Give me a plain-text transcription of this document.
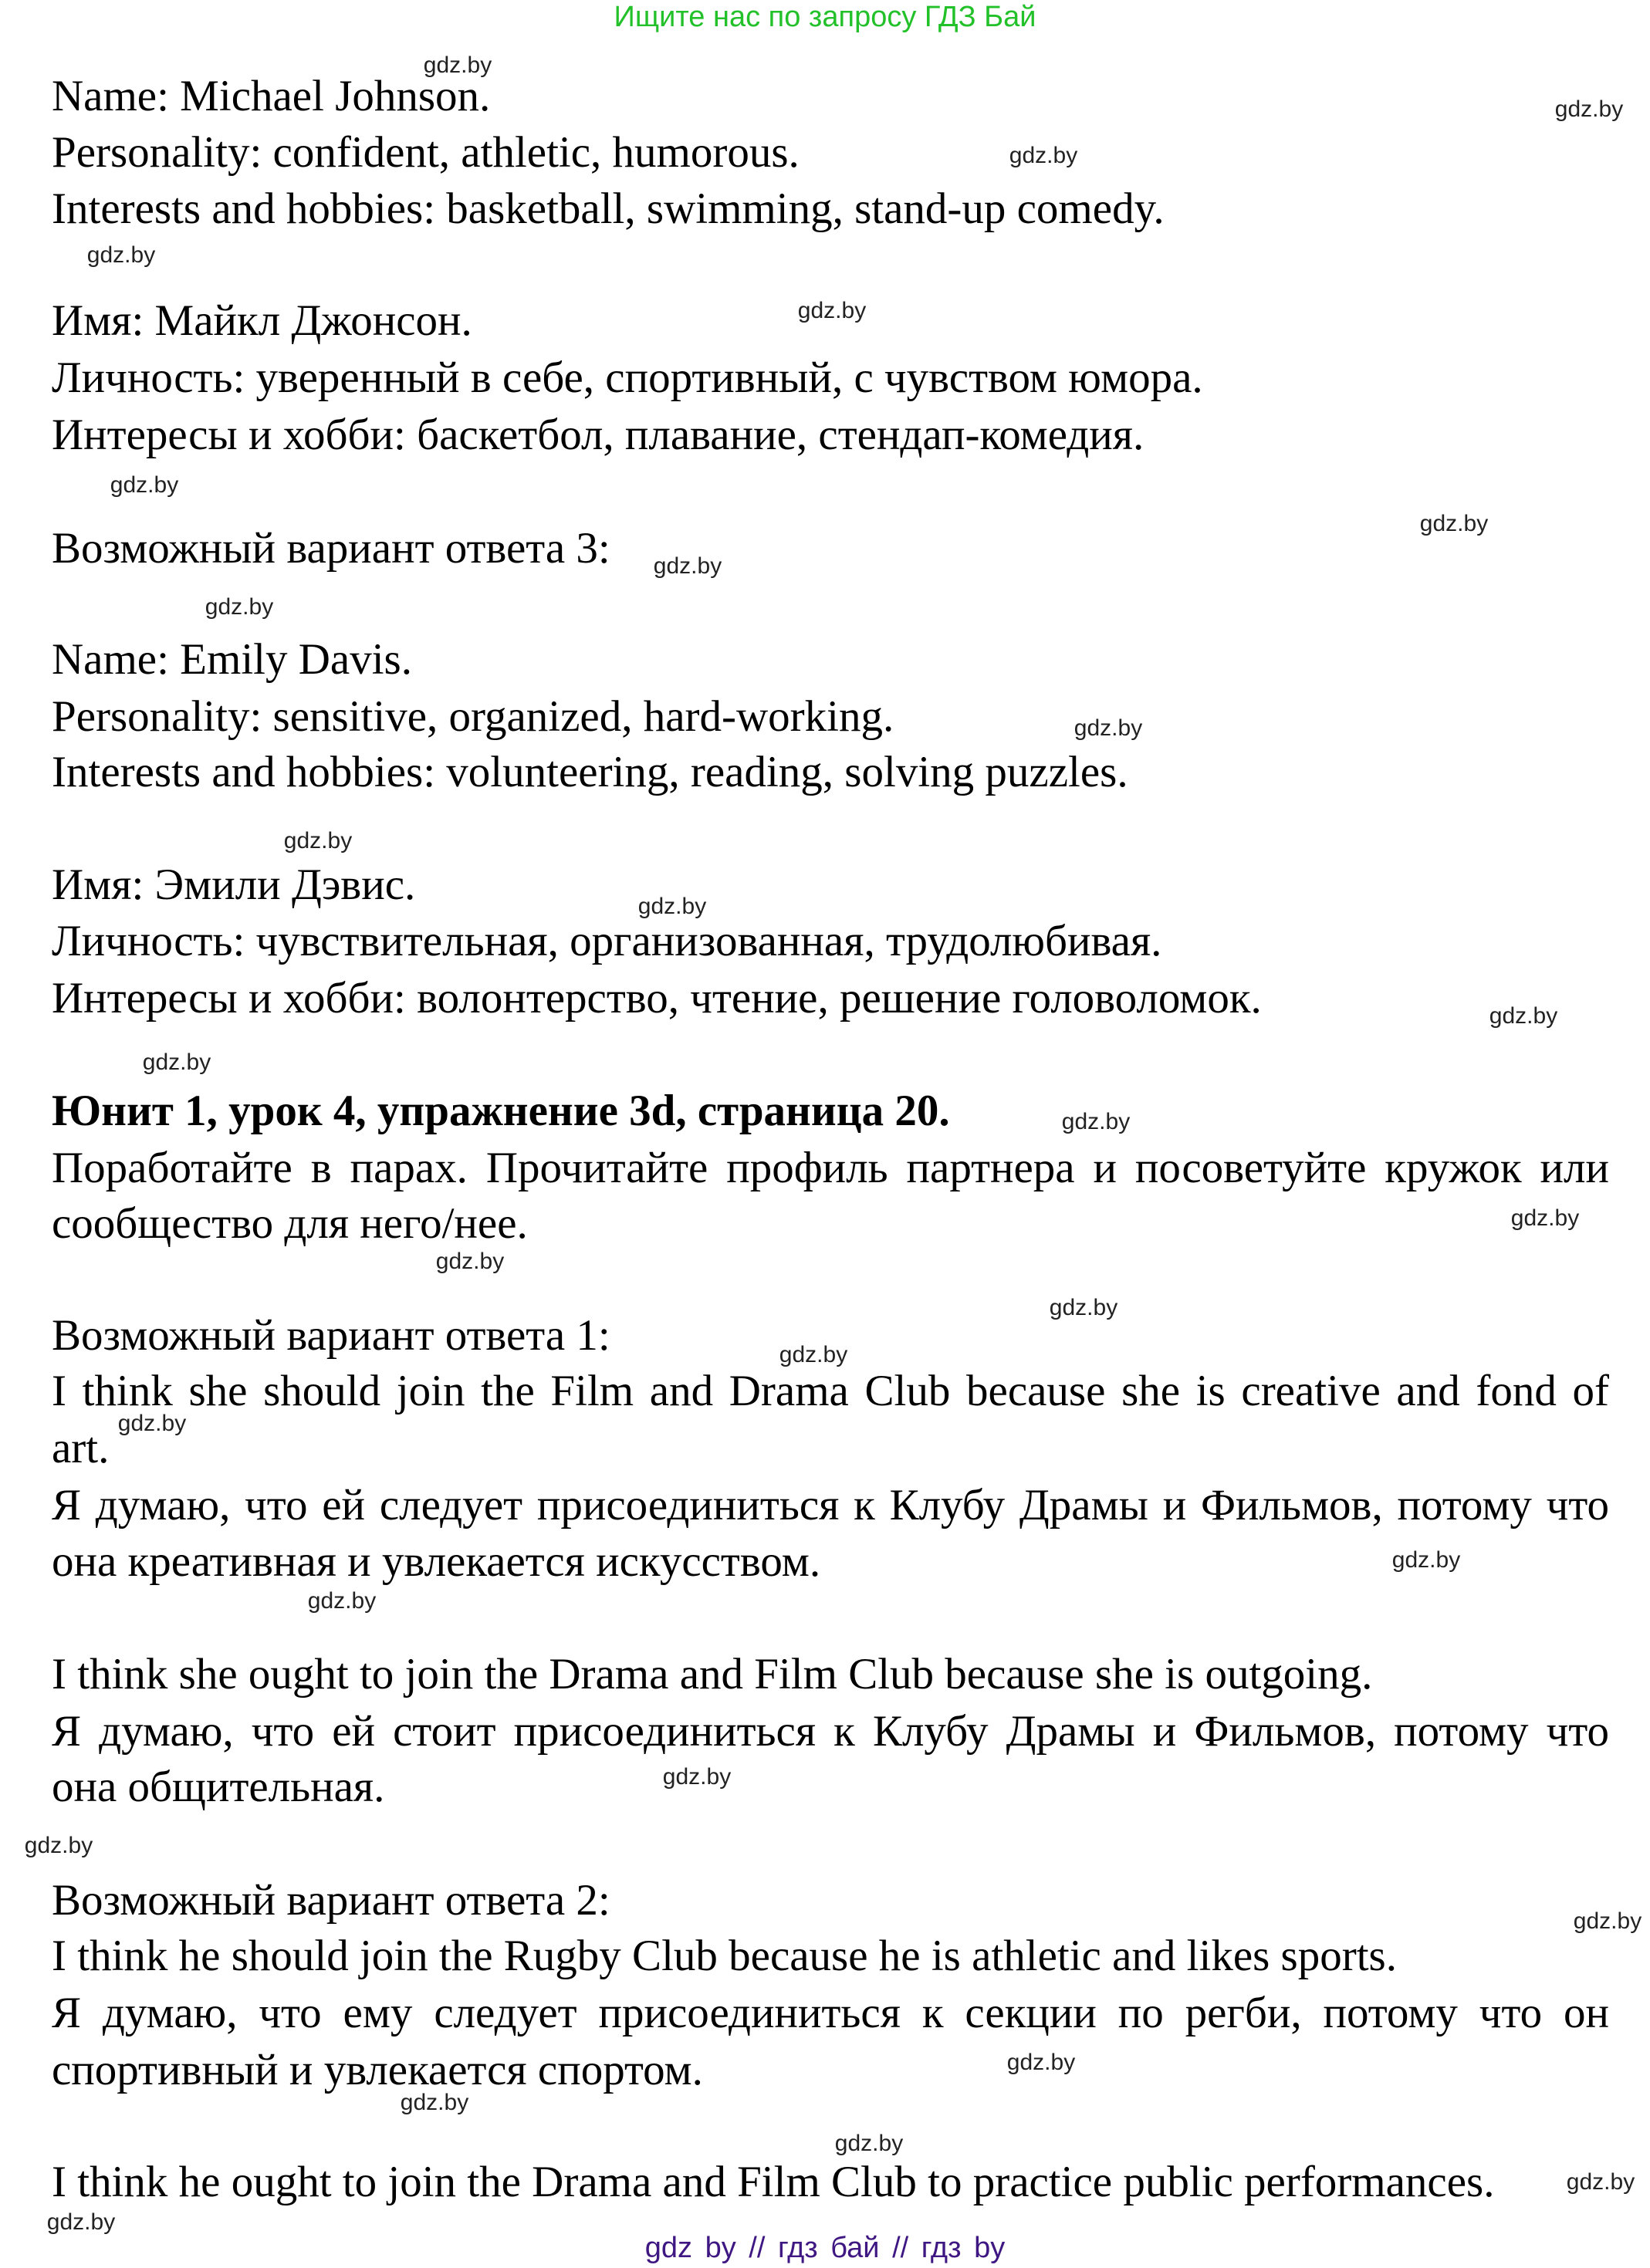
Ищите нас по запросу ГДЗ Бай
Name: Michael Johnson.
Personality: confident, athletic, humorous.
Interests and hobbies: basketball, swimming, stand-up comedy.
Имя: Майкл Джонсон.
Личность: уверенный в себе, спортивный, с чувством юмора.
Интересы и хобби: баскетбол, плавание, стендап-комедия.
Возможный вариант ответа 3:
Name: Emily Davis.
Personality: sensitive, organized, hard-working.
Interests and hobbies: volunteering, reading, solving puzzles.
Имя: Эмили Дэвис.
Личность: чувствительная, организованная, трудолюбивая.
Интересы и хобби: волонтерство, чтение, решение головоломок.
Юнит 1, урок 4, упражнение 3d, страница 20.
Поработайте в парах. Прочитайте профиль партнера и посоветуйте кружок или
сообщество для него/нее.
Возможный вариант ответа 1:
I think she should join the Film and Drama Club because she is creative and fond of
art.
Я думаю, что ей следует присоединиться к Клубу Драмы и Фильмов, потому что
она креативная и увлекается искусством.
I think she ought to join the Drama and Film Club because she is outgoing.
Я думаю, что ей стоит присоединиться к Клубу Драмы и Фильмов, потому что
она общительная.
Возможный вариант ответа 2:
I think he should join the Rugby Club because he is athletic and likes sports.
Я думаю, что ему следует присоединиться к секции по регби, потому что он
спортивный и увлекается спортом.
I think he ought to join the Drama and Film Club to practice public performances.
gdz.by
gdz.by
gdz.by
gdz.by
gdz.by
gdz.by
gdz.by
gdz.by
gdz.by
gdz.by
gdz.by
gdz.by
gdz.by
gdz.by
gdz.by
gdz.by
gdz.by
gdz.by
gdz.by
gdz.by
gdz.by
gdz.by
gdz.by
gdz.by
gdz.by
gdz.by
gdz.by
gdz.by
gdz.by
gdz.by
gdz by // гдз бай // гдз by
